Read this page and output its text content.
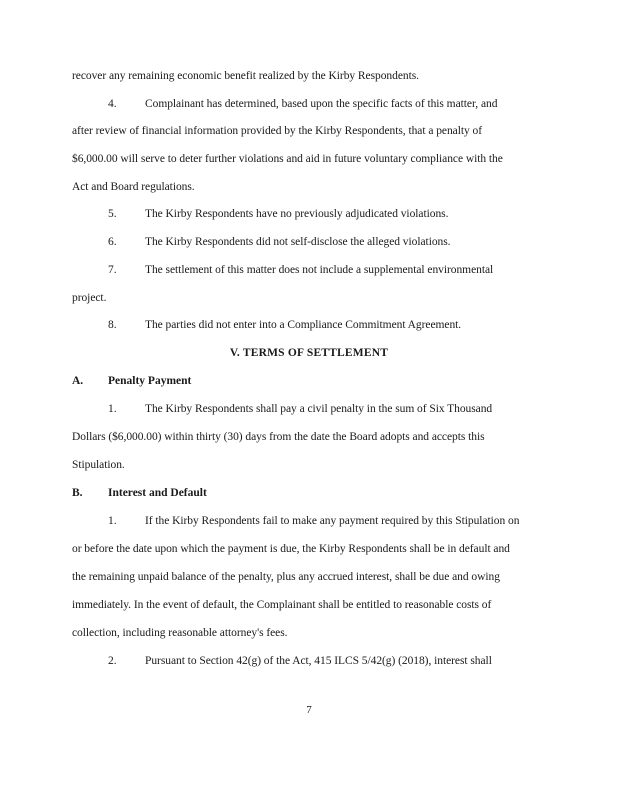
recover any remaining economic benefit realized by the Kirby Respondents.
4. Complainant has determined, based upon the specific facts of this matter, and
after review of financial information provided by the Kirby Respondents, that a penalty of
$6,000.00 will serve to deter further violations and aid in future voluntary compliance with the
Act and Board regulations.
5. The Kirby Respondents have no previously adjudicated violations.
6. The Kirby Respondents did not self-disclose the alleged violations.
7. The settlement of this matter does not include a supplemental environmental
project.
8. The parties did not enter into a Compliance Commitment Agreement.
V. TERMS OF SETTLEMENT
A. Penalty Payment
1. The Kirby Respondents shall pay a civil penalty in the sum of Six Thousand
Dollars ($6,000.00) within thirty (30) days from the date the Board adopts and accepts this
Stipulation.
B. Interest and Default
1. If the Kirby Respondents fail to make any payment required by this Stipulation on
or before the date upon which the payment is due, the Kirby Respondents shall be in default and
the remaining unpaid balance of the penalty, plus any accrued interest, shall be due and owing
immediately. In the event of default, the Complainant shall be entitled to reasonable costs of
collection, including reasonable attorney's fees.
2. Pursuant to Section 42(g) of the Act, 415 ILCS 5/42(g) (2018), interest shall
7
